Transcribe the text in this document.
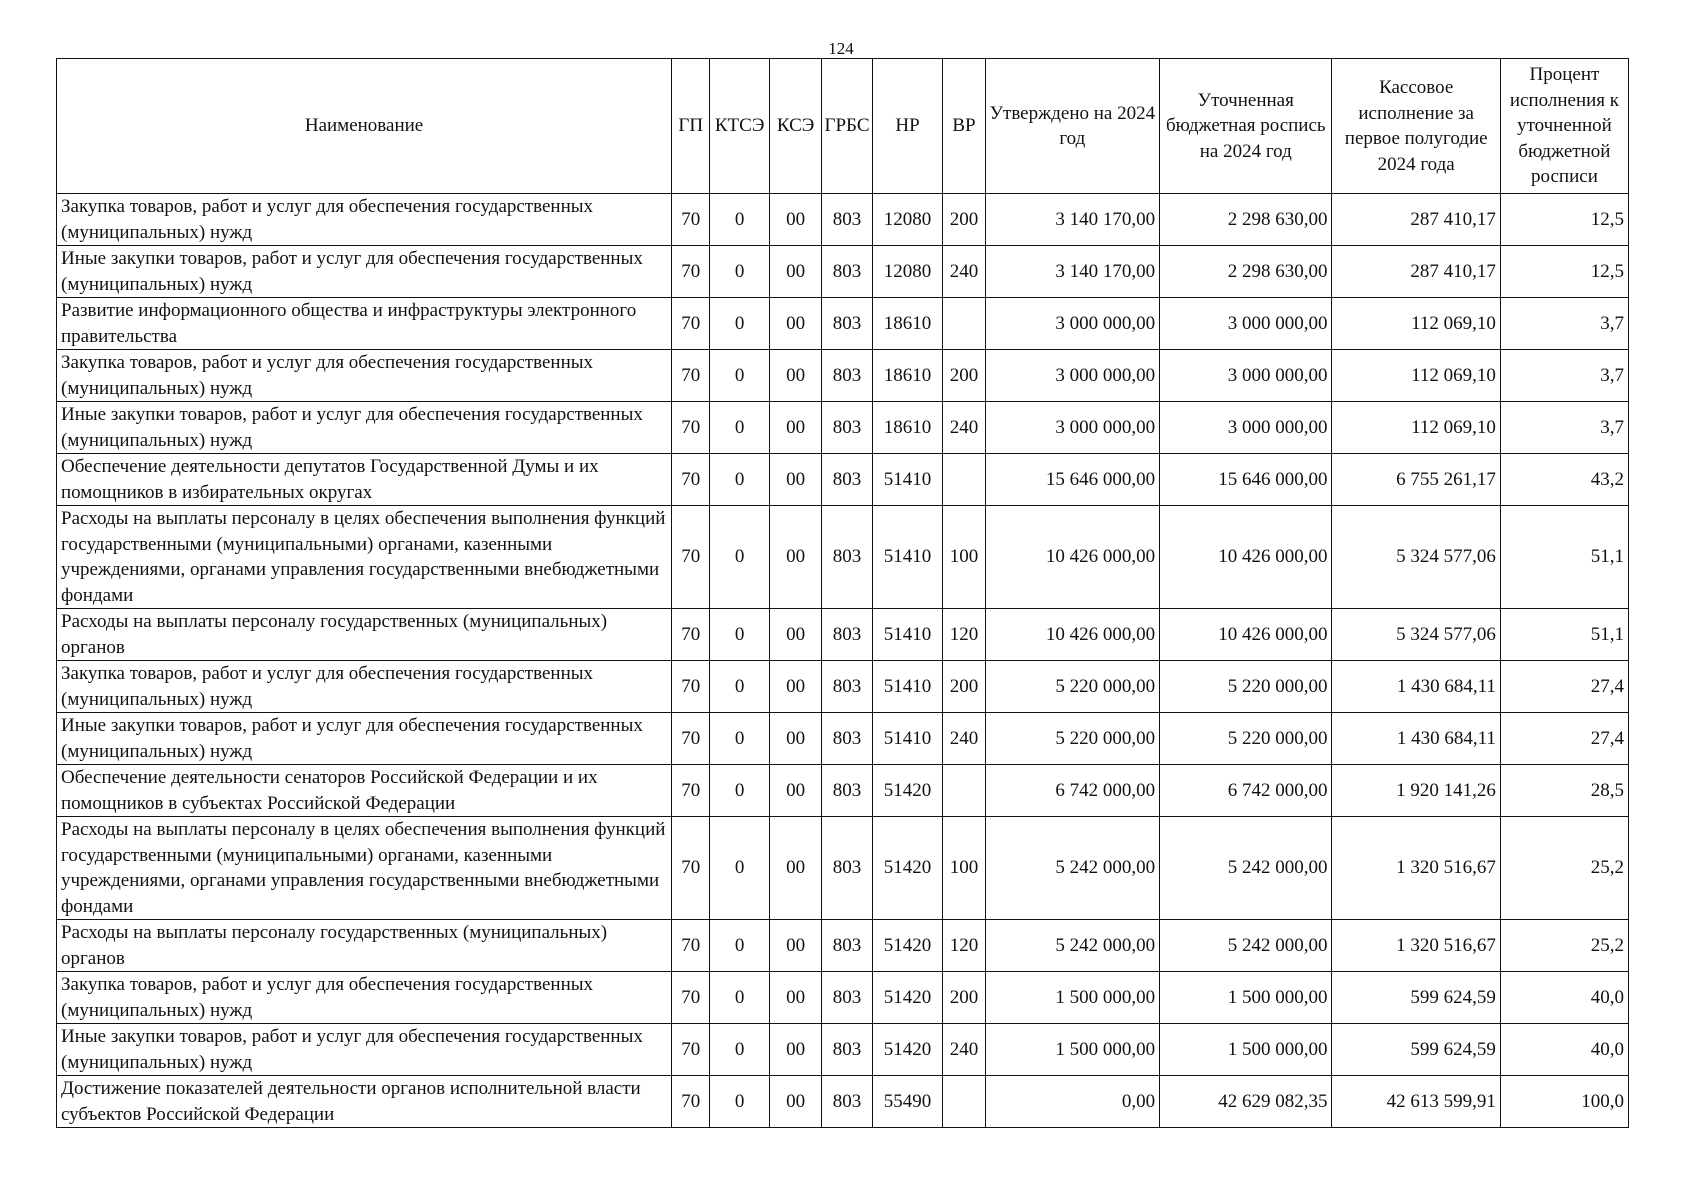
124
Наименование	ГП	КТСЭ	КСЭ	ГРБС	НР	ВР	Утверждено на 2024 год	Уточненная бюджетная роспись на 2024 год	Кассовое исполнение за первое полугодие 2024 года	Процент исполнения к уточненной бюджетной росписи
Закупка товаров, работ и услуг для обеспечения государственных (муниципальных) нужд	70	0	00	803	12080	200	3 140 170,00	2 298 630,00	287 410,17	12,5
Иные закупки товаров, работ и услуг для обеспечения государственных (муниципальных) нужд	70	0	00	803	12080	240	3 140 170,00	2 298 630,00	287 410,17	12,5
Развитие информационного общества и инфраструктуры электронного правительства	70	0	00	803	18610		3 000 000,00	3 000 000,00	112 069,10	3,7
Закупка товаров, работ и услуг для обеспечения государственных (муниципальных) нужд	70	0	00	803	18610	200	3 000 000,00	3 000 000,00	112 069,10	3,7
Иные закупки товаров, работ и услуг для обеспечения государственных (муниципальных) нужд	70	0	00	803	18610	240	3 000 000,00	3 000 000,00	112 069,10	3,7
Обеспечение деятельности депутатов Государственной Думы и их помощников в избирательных округах	70	0	00	803	51410		15 646 000,00	15 646 000,00	6 755 261,17	43,2
Расходы на выплаты персоналу в целях обеспечения выполнения функций государственными (муниципальными) органами, казенными учреждениями, органами управления государственными внебюджетными фондами	70	0	00	803	51410	100	10 426 000,00	10 426 000,00	5 324 577,06	51,1
Расходы на выплаты персоналу государственных (муниципальных) органов	70	0	00	803	51410	120	10 426 000,00	10 426 000,00	5 324 577,06	51,1
Закупка товаров, работ и услуг для обеспечения государственных (муниципальных) нужд	70	0	00	803	51410	200	5 220 000,00	5 220 000,00	1 430 684,11	27,4
Иные закупки товаров, работ и услуг для обеспечения государственных (муниципальных) нужд	70	0	00	803	51410	240	5 220 000,00	5 220 000,00	1 430 684,11	27,4
Обеспечение деятельности сенаторов Российской Федерации и их помощников в субъектах Российской Федерации	70	0	00	803	51420		6 742 000,00	6 742 000,00	1 920 141,26	28,5
Расходы на выплаты персоналу в целях обеспечения выполнения функций государственными (муниципальными) органами, казенными учреждениями, органами управления государственными внебюджетными фондами	70	0	00	803	51420	100	5 242 000,00	5 242 000,00	1 320 516,67	25,2
Расходы на выплаты персоналу государственных (муниципальных) органов	70	0	00	803	51420	120	5 242 000,00	5 242 000,00	1 320 516,67	25,2
Закупка товаров, работ и услуг для обеспечения государственных (муниципальных) нужд	70	0	00	803	51420	200	1 500 000,00	1 500 000,00	599 624,59	40,0
Иные закупки товаров, работ и услуг для обеспечения государственных (муниципальных) нужд	70	0	00	803	51420	240	1 500 000,00	1 500 000,00	599 624,59	40,0
Достижение показателей деятельности органов исполнительной власти субъектов Российской Федерации	70	0	00	803	55490		0,00	42 629 082,35	42 613 599,91	100,0
